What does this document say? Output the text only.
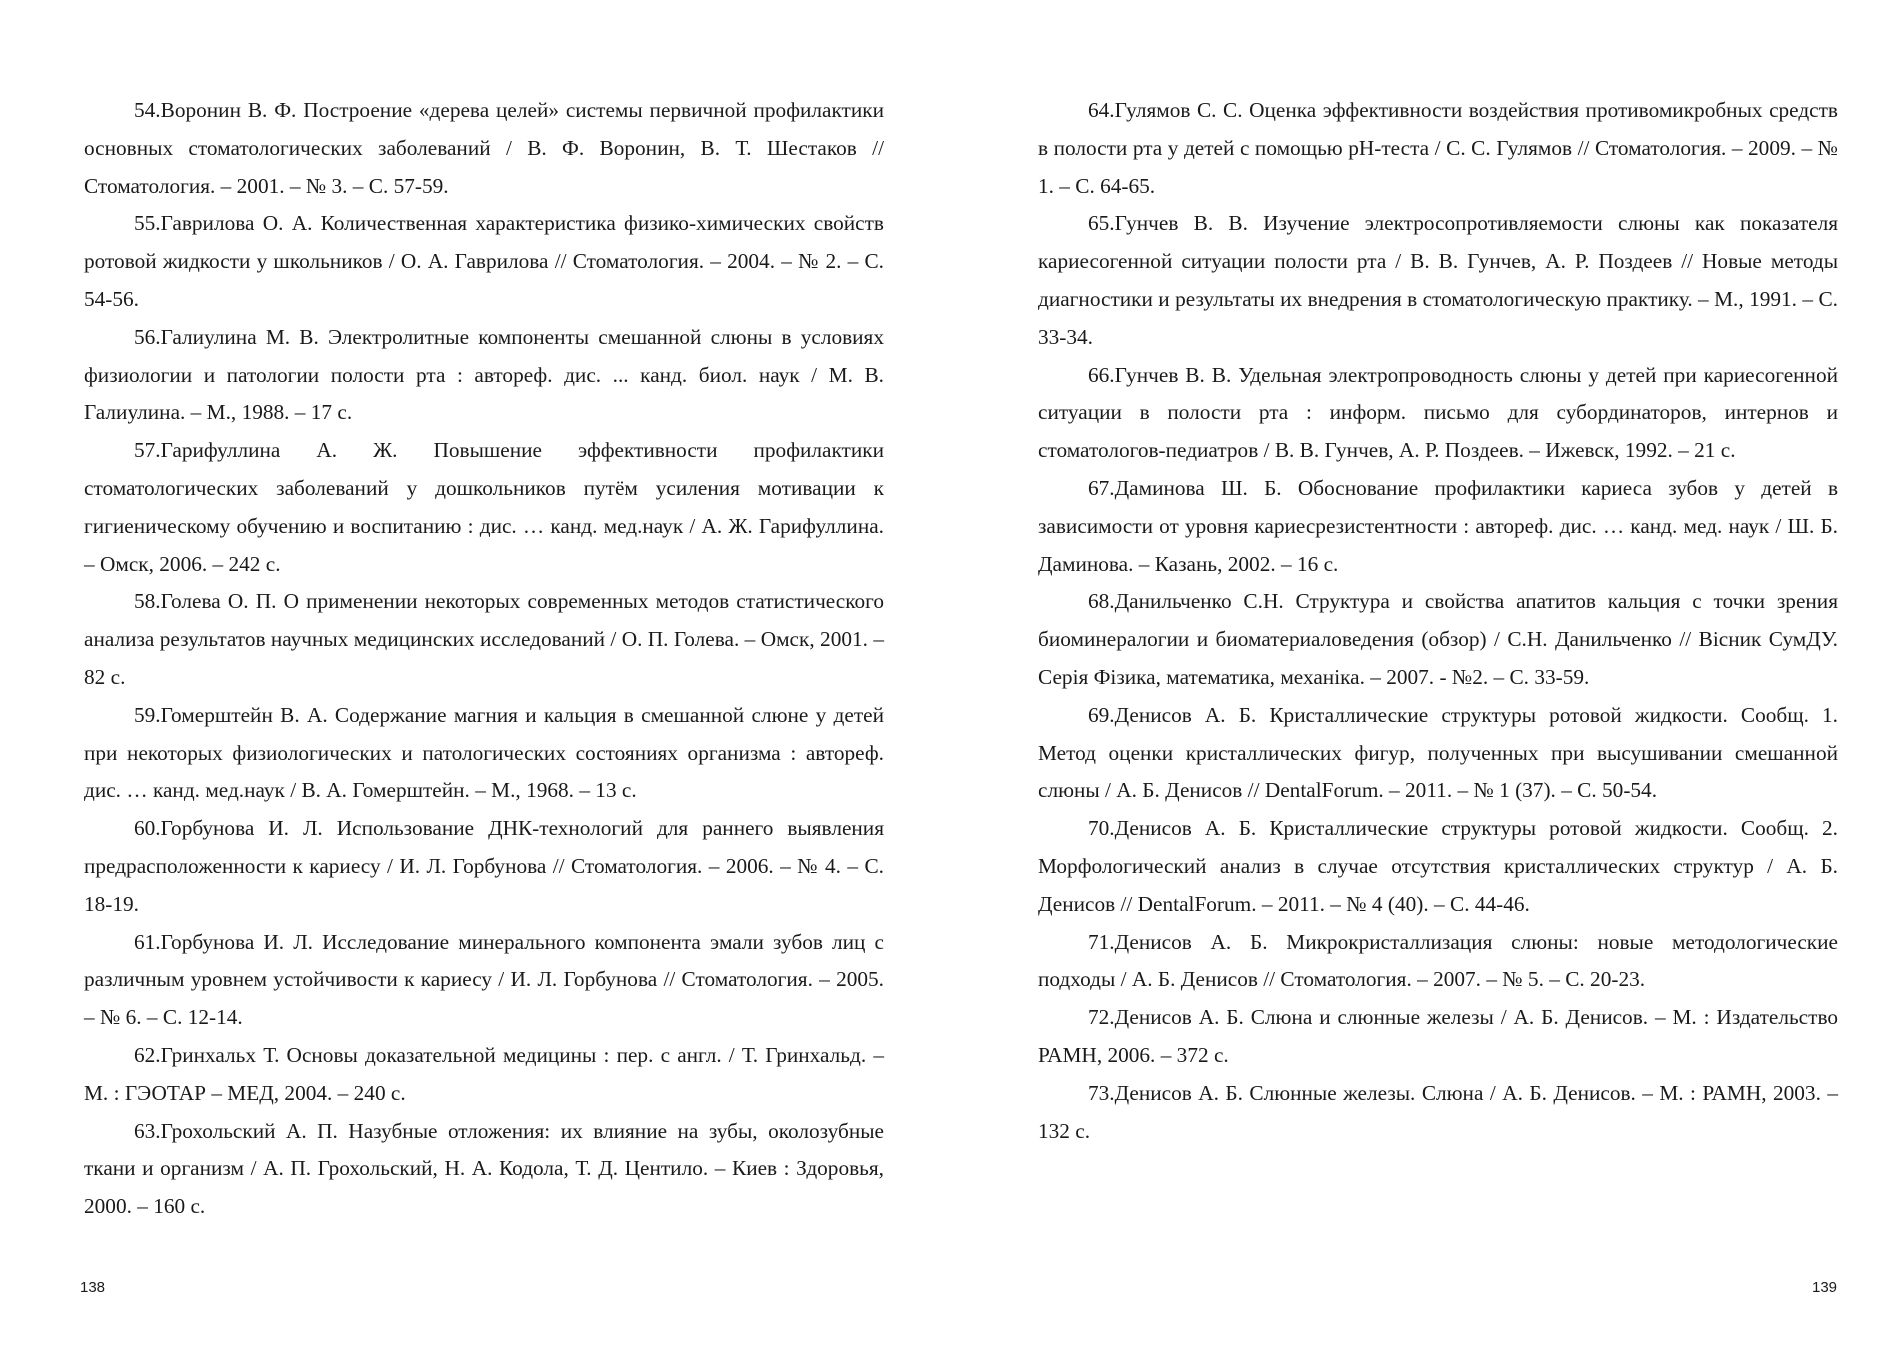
54.Воронин В. Ф. Построение «дерева целей» системы первичной профилактики основных стоматологических заболеваний / В. Ф. Воронин, В. Т. Шестаков // Стоматология. – 2001. – № 3. – С. 57-59.
55.Гаврилова О. А. Количественная характеристика физико-химических свойств ротовой жидкости у школьников / О. А. Гаврилова // Стоматология. – 2004. – № 2. – С. 54-56.
56.Галиулина М. В. Электролитные компоненты смешанной слюны в условиях физиологии и патологии полости рта : автореф. дис. ... канд. биол. наук / М. В. Галиулина. – М., 1988. – 17 с.
57.Гарифуллина А. Ж. Повышение эффективности профилактики стоматологических заболеваний у дошкольников путём усиления мотивации к гигиеническому обучению и воспитанию : дис. … канд. мед.наук / А. Ж. Гарифуллина. – Омск, 2006. – 242 с.
58.Голева О. П. О применении некоторых современных методов статистического анализа результатов научных медицинских исследований / О. П. Голева. – Омск, 2001. – 82 с.
59.Гомерштейн В. А. Содержание магния и кальция в смешанной слюне у детей при некоторых физиологических и патологических состояниях организма : автореф. дис. … канд. мед.наук / В. А. Гомерштейн. – М., 1968. – 13 с.
60.Горбунова И. Л. Использование ДНК-технологий для раннего выявления предрасположенности к кариесу / И. Л. Горбунова // Стоматология. – 2006. – № 4. – С. 18-19.
61.Горбунова И. Л. Исследование минерального компонента эмали зубов лиц с различным уровнем устойчивости к кариесу / И. Л. Горбунова // Стоматология. – 2005. – № 6. – С. 12-14.
62.Гринхальх Т. Основы доказательной медицины : пер. с англ. / Т. Гринхальд. – М. : ГЭОТАР – МЕД, 2004. – 240 с.
63.Грохольский А. П. Назубные отложения: их влияние на зубы, околозубные ткани и организм / А. П. Грохольский, Н. А. Кодола, Т. Д. Центило. – Киев : Здоровья, 2000. – 160 с.
138
64.Гулямов С. С. Оценка эффективности воздействия противомикробных средств в полости рта у детей с помощью pH-теста / С. С. Гулямов // Стоматология. – 2009. – № 1. – С. 64-65.
65.Гунчев В. В. Изучение электросопротивляемости слюны как показателя кариесогенной ситуации полости рта / В. В. Гунчев, А. Р. Поздеев // Новые методы диагностики и результаты их внедрения в стоматологическую практику. – М., 1991. – С. 33-34.
66.Гунчев В. В. Удельная электропроводность слюны у детей при кариесогенной ситуации в полости рта : информ. письмо для субординаторов, интернов и стоматологов-педиатров / В. В. Гунчев, А. Р. Поздеев. – Ижевск, 1992. – 21 с.
67.Даминова Ш. Б. Обоснование профилактики кариеса зубов у детей в зависимости от уровня кариесрезистентности : автореф. дис. … канд. мед. наук / Ш. Б. Даминова. – Казань, 2002. – 16 с.
68.Данильченко С.Н. Структура и свойства апатитов кальция с точки зрения биоминералогии и биоматериаловедения (обзор) / С.Н. Данильченко // Вісник СумДУ. Серія Фізика, математика, механіка. – 2007. - №2. – С. 33-59.
69.Денисов А. Б. Кристаллические структуры ротовой жидкости. Сообщ. 1. Метод оценки кристаллических фигур, полученных при высушивании смешанной слюны / А. Б. Денисов // DentalForum. – 2011. – № 1 (37). – С. 50-54.
70.Денисов А. Б. Кристаллические структуры ротовой жидкости. Сообщ. 2. Морфологический анализ в случае отсутствия кристаллических структур / А. Б. Денисов // DentalForum. – 2011. – № 4 (40). – С. 44-46.
71.Денисов А. Б. Микрокристаллизация слюны: новые методологические подходы / А. Б. Денисов // Стоматология. – 2007. – № 5. – С. 20-23.
72.Денисов А. Б. Слюна и слюнные железы / А. Б. Денисов. – М. : Издательство РАМН, 2006. – 372 с.
73.Денисов А. Б. Слюнные железы. Слюна / А. Б. Денисов. – М. : РАМН, 2003. – 132 с.
139
